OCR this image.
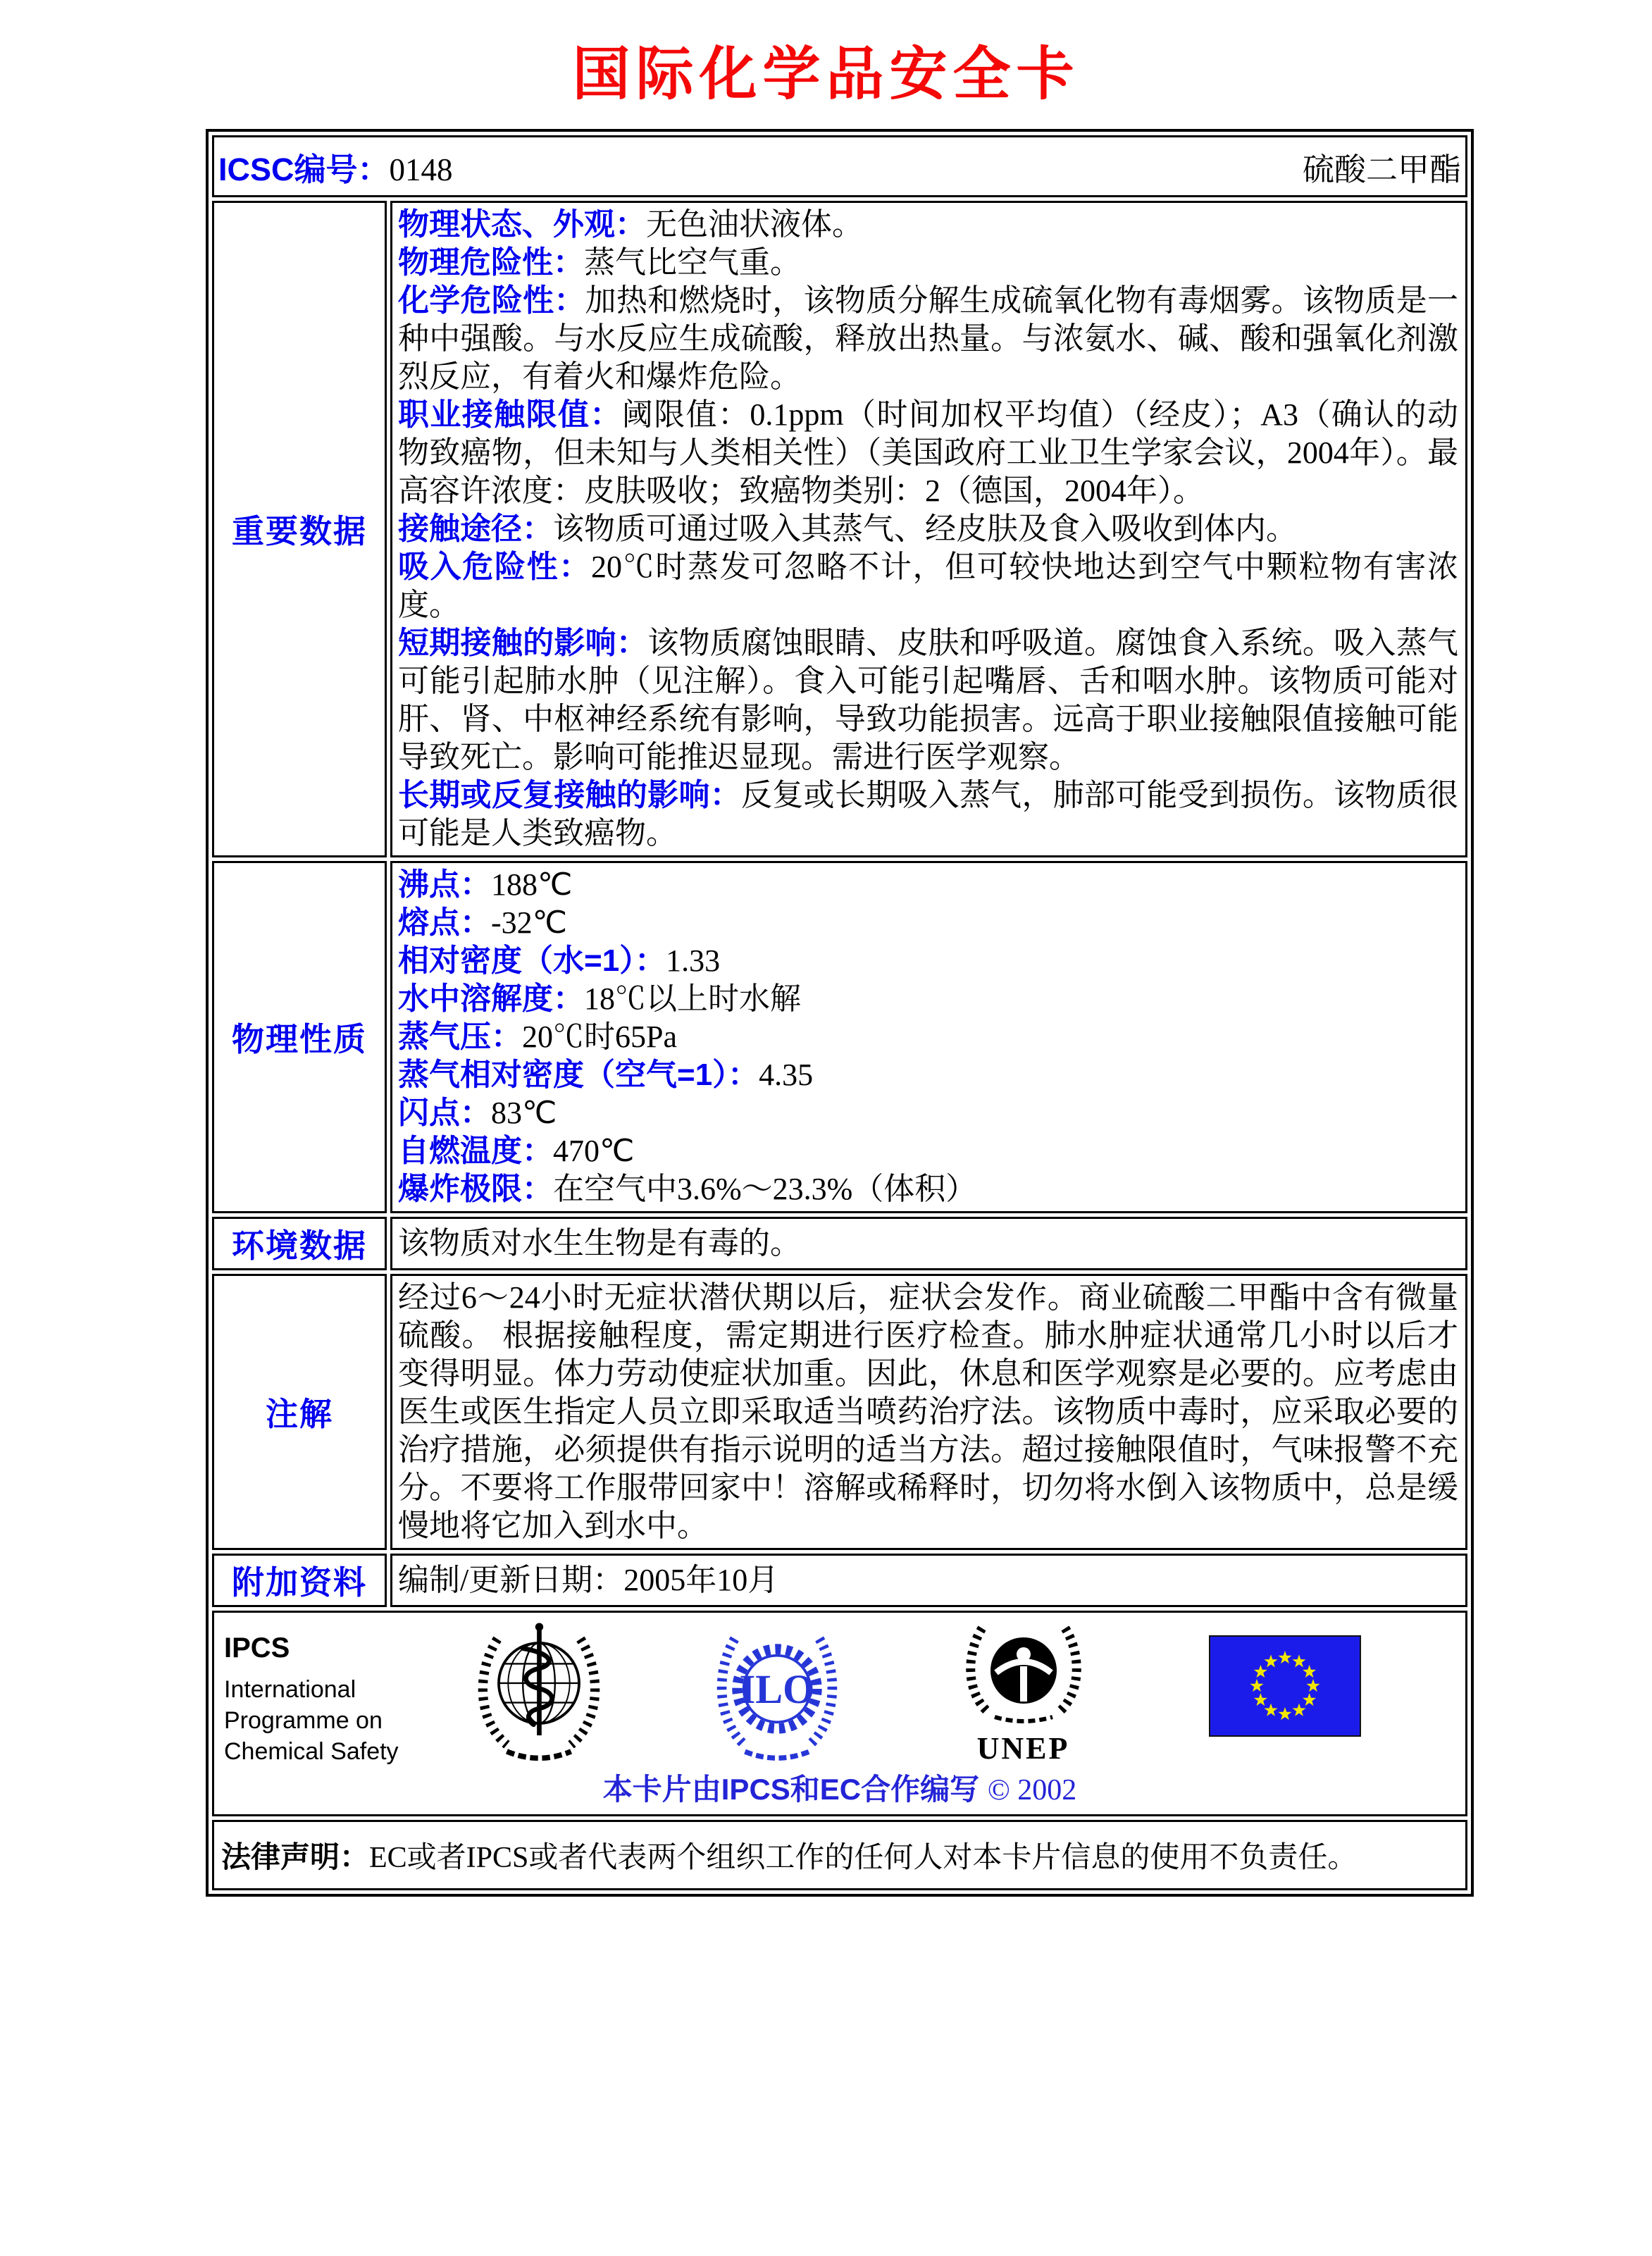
国际化学品安全卡
ICSC编号：0148 硫酸二甲酯	

重要数据	

物理状态、外观：无色油状液体。

物理危险性：蒸气比空气重。

化学危险性：加热和燃烧时，该物质分解生成硫氧化物有毒烟雾。该物质是一种中强酸。与水反应生成硫酸，释放出热量。与浓氨水、碱、酸和强氧化剂激烈反应，有着火和爆炸危险。

职业接触限值：阈限值：0.1ppm（时间加权平均值）（经皮）；A3（确认的动物致癌物，但未知与人类相关性）（美国政府工业卫生学家会议，2004年）。最高容许浓度：皮肤吸收；致癌物类别：2（德国，2004年）。

接触途径：该物质可通过吸入其蒸气、经皮肤及食入吸收到体内。

吸入危险性：20℃时蒸发可忽略不计，但可较快地达到空气中颗粒物有害浓度。

短期接触的影响：该物质腐蚀眼睛、皮肤和呼吸道。腐蚀食入系统。吸入蒸气可能引起肺水肿（见注解）。食入可能引起嘴唇、舌和咽水肿。该物质可能对肝、肾、中枢神经系统有影响，导致功能损害。远高于职业接触限值接触可能导致死亡。影响可能推迟显现。需进行医学观察。

长期或反复接触的影响：反复或长期吸入蒸气，肺部可能受到损伤。该物质很可能是人类致癌物。

物理性质	

沸点：188℃

熔点：-32℃

相对密度（水=1）：1.33

水中溶解度：18℃以上时水解

蒸气压：20℃时65Pa

蒸气相对密度（空气=1）：4.35

闪点：83℃

自燃温度：470℃

爆炸极限：在空气中3.6%～23.3%（体积）

环境数据	该物质对水生生物是有毒的。

注解	经过6～24小时无症状潜伏期以后，症状会发作。商业硫酸二甲酯中含有微量硫酸。 根据接触程度，需定期进行医疗检查。肺水肿症状通常几小时以后才变得明显。体力劳动使症状加重。因此，休息和医学观察是必要的。应考虑由医生或医生指定人员立即采取适当喷药治疗法。该物质中毒时，应采取必要的治疗措施，必须提供有指示说明的适当方法。超过接触限值时，气味报警不充分。不要将工作服带回家中！溶解或稀释时，切勿将水倒入该物质中，总是缓慢地将它加入到水中。

附加资料	编制/更新日期：2005年10月

IPCS
International
Programme on
Chemical Safety
ILO
UNEP
本卡片由IPCS和EC合作编写 © 2002

法律声明：EC或者IPCS或者代表两个组织工作的任何人对本卡片信息的使用不负责任。	
